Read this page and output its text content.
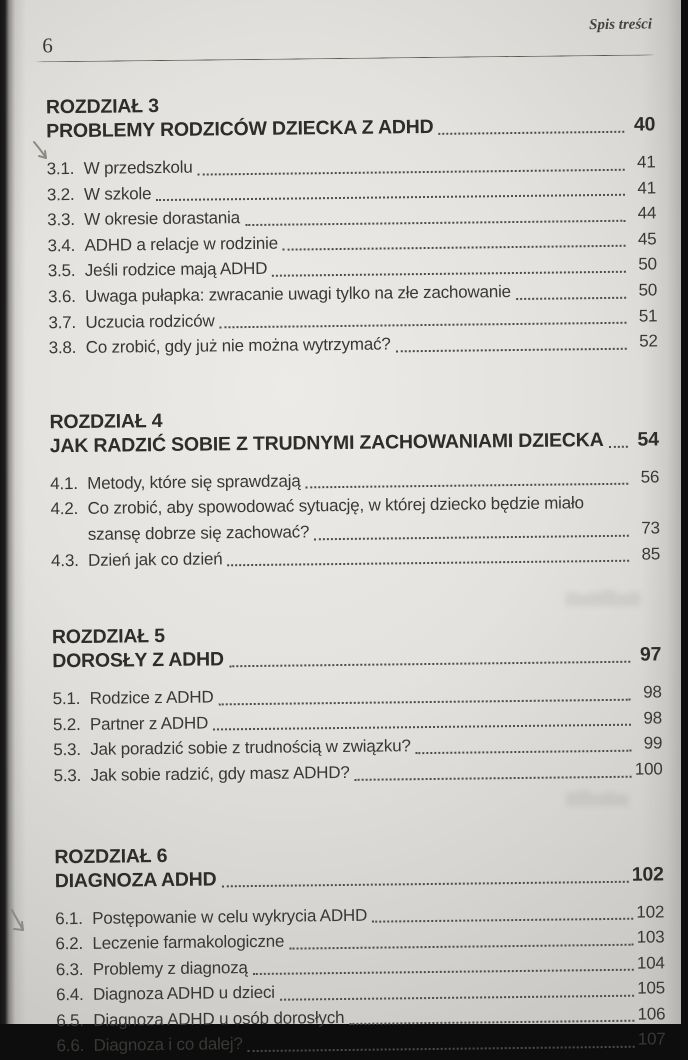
▆▅▆▇▅▆
▆▇▅▆▅
6
Spis treści
ROZDZIAŁ 3
PROBLEMY RODZICÓW DZIECKA Z ADHD	40
3.1. W przedszkolu	41
3.2. W szkole	41
3.3. W okresie dorastania	44
3.4. ADHD a relacje w rodzinie	45
3.5. Jeśli rodzice mają ADHD	50
3.6. Uwaga pułapka: zwracanie uwagi tylko na złe zachowanie	50
3.7. Uczucia rodziców	51
3.8. Co zrobić, gdy już nie można wytrzymać?	52
ROZDZIAŁ 4
JAK RADZIĆ SOBIE Z TRUDNYMI ZACHOWANIAMI DZIECKA	54
4.1. Metody, które się sprawdzają	56
4.2. Co zrobić, aby spowodować sytuację, w której dziecko będzie miało
szansę dobrze się zachować?	73
4.3. Dzień jak co dzień	85
ROZDZIAŁ 5
DOROSŁY Z ADHD	97
5.1. Rodzice z ADHD	98
5.2. Partner z ADHD	98
5.3. Jak poradzić sobie z trudnością w związku?	99
5.3. Jak sobie radzić, gdy masz ADHD?	100
ROZDZIAŁ 6
DIAGNOZA ADHD	102
6.1. Postępowanie w celu wykrycia ADHD	102
6.2. Leczenie farmakologiczne	103
6.3. Problemy z diagnozą	104
6.4. Diagnoza ADHD u dzieci	105
6.5. Diagnoza ADHD u osób dorosłych	106
6.6. Diagnoza i co dalej?	107
